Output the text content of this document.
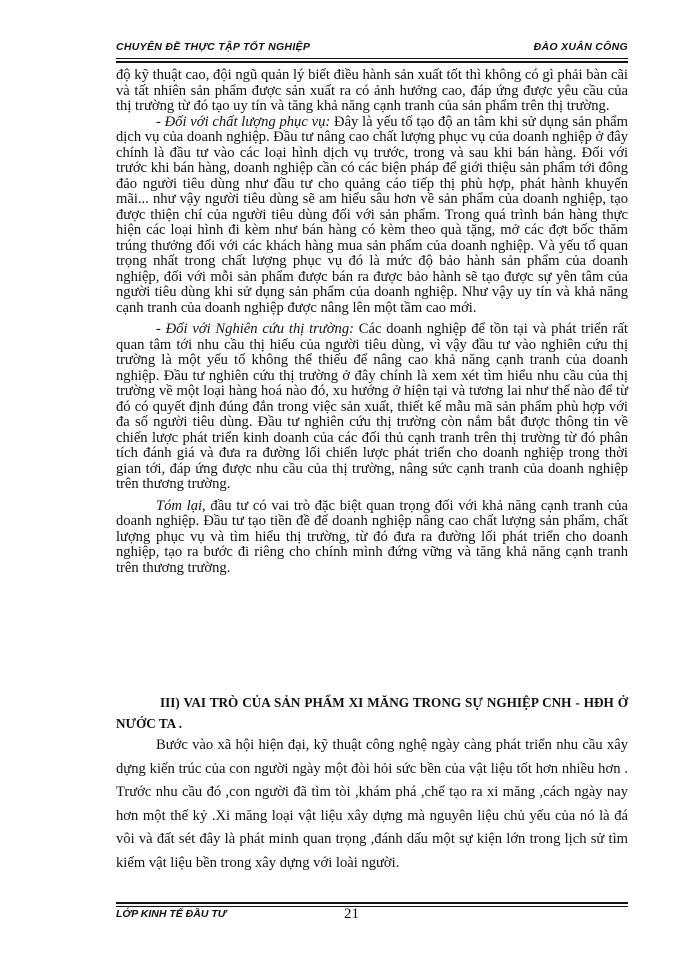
CHUYÊN ĐỀ THỰC TẬP TỐT NGHIỆP	ĐÀO XUÂN CÔNG

độ kỹ thuật cao, đội ngũ quản lý biết điều hành sản xuất tốt thì không có gì phải bàn cãi và tất nhiên sản phẩm được sản xuất ra có ảnh hưởng cao, đáp ứng được yêu cầu của thị trường từ đó tạo uy tín và tăng khả năng cạnh tranh của sản phẩm trên thị trường.

- Đối với chất lượng phục vụ: Đây là yếu tố tạo độ an tâm khi sử dụng sản phẩm dịch vụ của doanh nghiệp. Đầu tư nâng cao chất lượng phục vụ của doanh nghiệp ở đây chính là đầu tư vào các loại hình dịch vụ trước, trong và sau khi bán hàng. Đối với trước khi bán hàng, doanh nghiệp cần có các biện pháp để giới thiệu sản phẩm tới đông đảo người tiêu dùng như đầu tư cho quảng cáo tiếp thị phù hợp, phát hành khuyến mãi... như vậy người tiêu dùng sẽ am hiểu sâu hơn về sản phẩm của doanh nghiệp, tạo được thiện chí của người tiêu dùng đối với sản phẩm. Trong quá trình bán hàng thực hiện các loại hình đi kèm như bán hàng có kèm theo quà tặng, mở các đợt bốc thăm trúng thưởng đối với các khách hàng mua sản phẩm của doanh nghiệp. Và yếu tố quan trọng nhất trong chất lượng phục vụ đó là mức độ bảo hành sản phẩm của doanh nghiệp, đối với mỗi sản phẩm được bán ra được bảo hành sẽ tạo được sự yên tâm của người tiêu dùng khi sử dụng sản phẩm của doanh nghiệp. Như vậy uy tín và khả năng cạnh tranh của doanh nghiệp được nâng lên một tầm cao mới.

- Đối với Nghiên cứu thị trường: Các doanh nghiệp để tồn tại và phát triển rất quan tâm tới nhu cầu thị hiếu của người tiêu dùng, vì vậy đầu tư vào nghiên cứu thị trường là một yếu tố không thể thiếu để nâng cao khả năng cạnh tranh của doanh nghiệp. Đầu tư nghiên cứu thị trường ở đây chính là xem xét tìm hiểu nhu cầu của thị trường về một loại hàng hoá nào đó, xu hướng ở hiện tại và tương lai như thế nào để từ đó có quyết định đúng đắn trong việc sản xuất, thiết kế mẫu mã sản phẩm phù hợp với đa số người tiêu dùng. Đầu tư nghiên cứu thị trường còn nắm bắt được thông tin về chiến lược phát triển kinh doanh của các đối thủ cạnh tranh trên thị trường từ đó phân tích đánh giá và đưa ra đường lối chiến lược phát triển cho doanh nghiệp trong thời gian tới, đáp ứng được nhu cầu của thị trường, nâng sức cạnh tranh của doanh nghiệp trên thương trường.

Tóm lại, đầu tư có vai trò đặc biệt quan trọng đối với khả năng cạnh tranh của doanh nghiệp. Đầu tư tạo tiền đề để doanh nghiệp nâng cao chất lượng sản phẩm, chất lượng phục vụ và tìm hiểu thị trường, từ đó đưa ra đường lối phát triển cho doanh nghiệp, tạo ra bước đi riêng cho chính mình đứng vững và tăng khả năng cạnh tranh trên thương trường.

III) VAI TRÒ CỦA SẢN PHẨM XI MĂNG TRONG SỰ NGHIỆP CNH - HĐH Ở NƯỚC TA .

Bước vào xã hội hiện đại, kỹ thuật công nghệ ngày càng phát triển nhu cầu xây dựng kiến trúc của con người ngày một đòi hỏi sức bền của vật liệu tốt hơn nhiều hơn . Trước nhu cầu đó ,con người đã tìm tòi ,khám phá ,chế tạo ra xi măng ,cách ngày nay hơn một thế kỷ .Xi măng loại vật liệu xây dựng mà nguyên liệu chủ yếu của nó là đá vôi và đất sét đây là phát minh quan trọng ,đánh dấu một sự kiện lớn trong lịch sử tìm kiếm vật liệu bền trong xây dựng với loài người.

LỚP KINH TẾ ĐẦU TƯ	21
